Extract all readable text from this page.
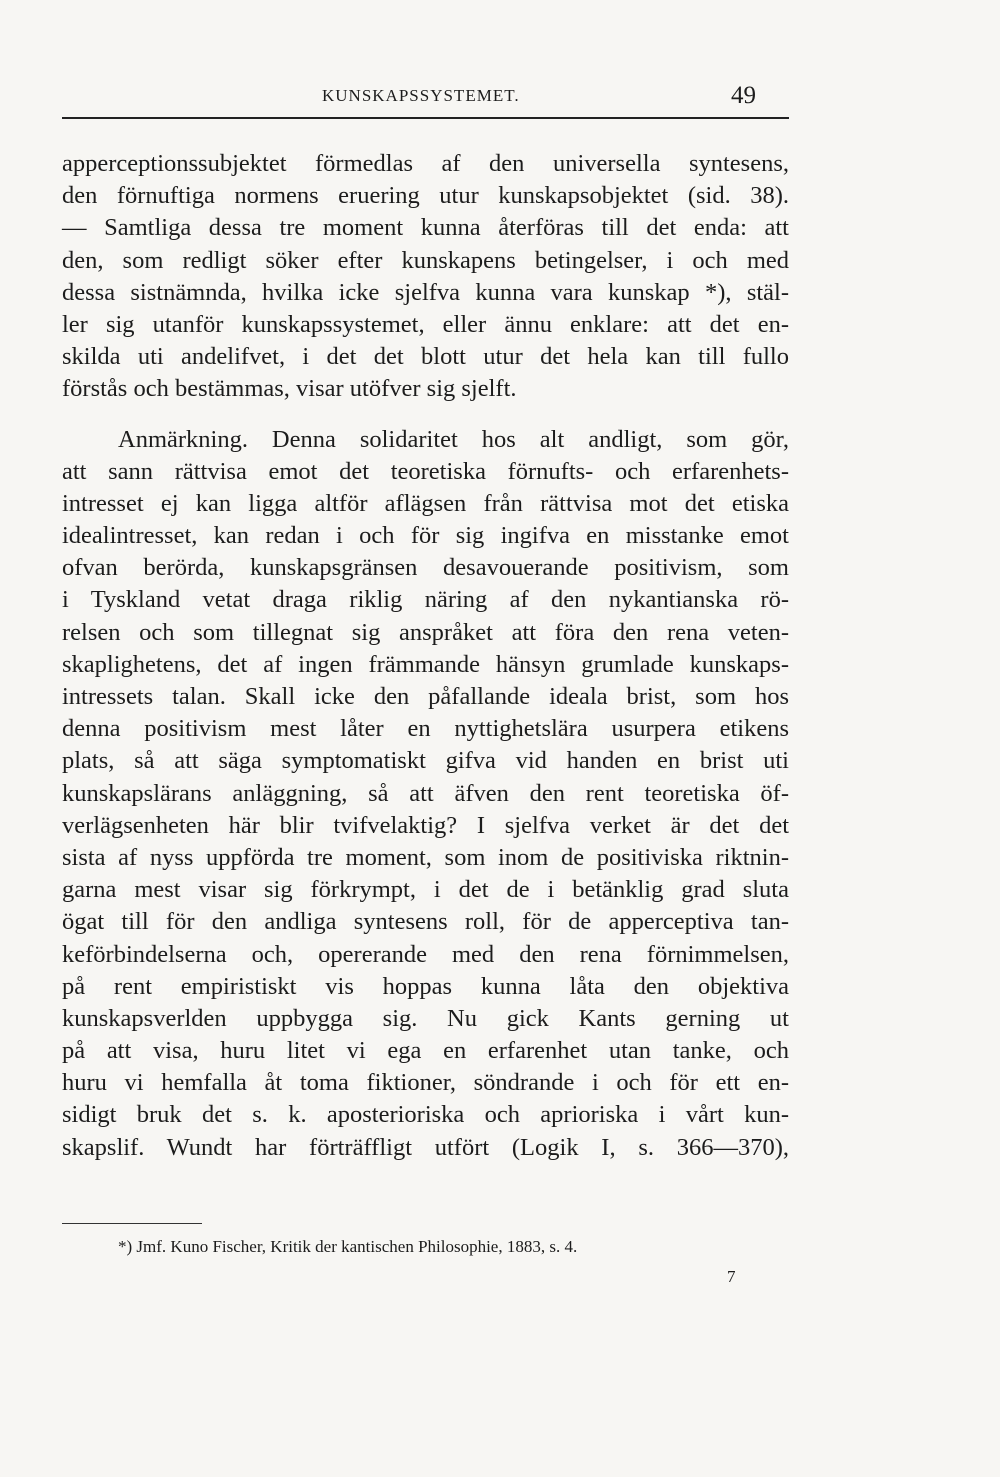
KUNSKAPSSYSTEMET.	49
apperceptionssubjektet förmedlas af den universella syntesens,
den förnuftiga normens eruering utur kunskapsobjektet (sid. 38).
— Samtliga dessa tre moment kunna återföras till det enda: att
den, som redligt söker efter kunskapens betingelser, i och med
dessa sistnämnda, hvilka icke sjelfva kunna vara kunskap *), stäl-
ler sig utanför kunskapssystemet, eller ännu enklare: att det en-
skilda uti andelifvet, i det det blott utur det hela kan till fullo
förstås och bestämmas, visar utöfver sig sjelft.
Anmärkning. Denna solidaritet hos alt andligt, som gör,
att sann rättvisa emot det teoretiska förnufts- och erfarenhets-
intresset ej kan ligga altför aflägsen från rättvisa mot det etiska
idealintresset, kan redan i och för sig ingifva en misstanke emot
ofvan berörda, kunskapsgränsen desavouerande positivism, som
i Tyskland vetat draga riklig näring af den nykantianska rö-
relsen och som tillegnat sig anspråket att föra den rena veten-
skaplighetens, det af ingen främmande hänsyn grumlade kunskaps-
intressets talan. Skall icke den påfallande ideala brist, som hos
denna positivism mest låter en nyttighetslära usurpera etikens
plats, så att säga symptomatiskt gifva vid handen en brist uti
kunskapslärans anläggning, så att äfven den rent teoretiska öf-
verlägsenheten här blir tvifvelaktig? I sjelfva verket är det det
sista af nyss uppförda tre moment, som inom de positiviska riktnin-
garna mest visar sig förkrympt, i det de i betänklig grad sluta
ögat till för den andliga syntesens roll, för de apperceptiva tan-
keförbindelserna och, opererande med den rena förnimmelsen,
på rent empiristiskt vis hoppas kunna låta den objektiva
kunskapsverlden uppbygga sig. Nu gick Kants gerning ut
på att visa, huru litet vi ega en erfarenhet utan tanke, och
huru vi hemfalla åt toma fiktioner, söndrande i och för ett en-
sidigt bruk det s. k. aposterioriska och aprioriska i vårt kun-
skapslif. Wundt har förträffligt utfört (Logik I, s. 366—370),
*) Jmf. Kuno Fischer, Kritik der kantischen Philosophie, 1883, s. 4.
7
